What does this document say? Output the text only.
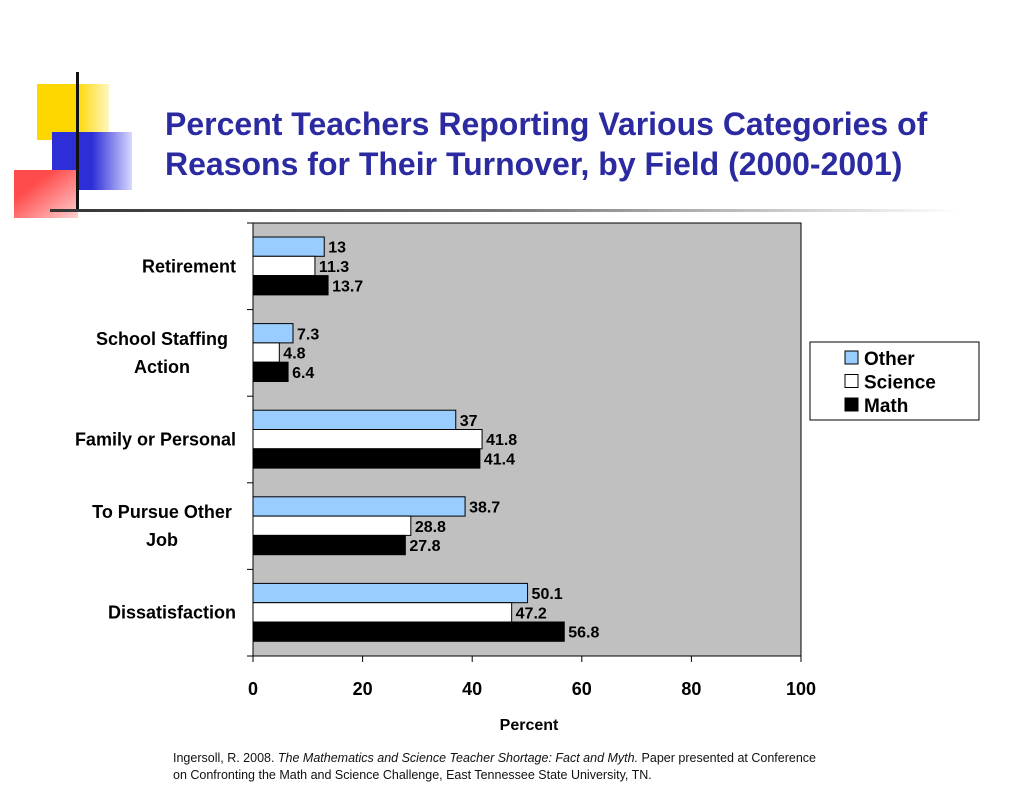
Percent Teachers Reporting Various Categories of
Reasons for Their Turnover, by Field (2000-2001)
13
11.3
13.7
Retirement
7.3
4.8
6.4
School Staffing
Action
37
41.8
41.4
Family or Personal
38.7
28.8
27.8
To Pursue Other
Job
50.1
47.2
56.8
Dissatisfaction
0	20	40	60	80	100
Percent
Other
Science
Math
Ingersoll, R. 2008. The Mathematics and Science Teacher Shortage: Fact and Myth. Paper presented at Conference on Confronting the Math and Science Challenge, East Tennessee State University, TN.
